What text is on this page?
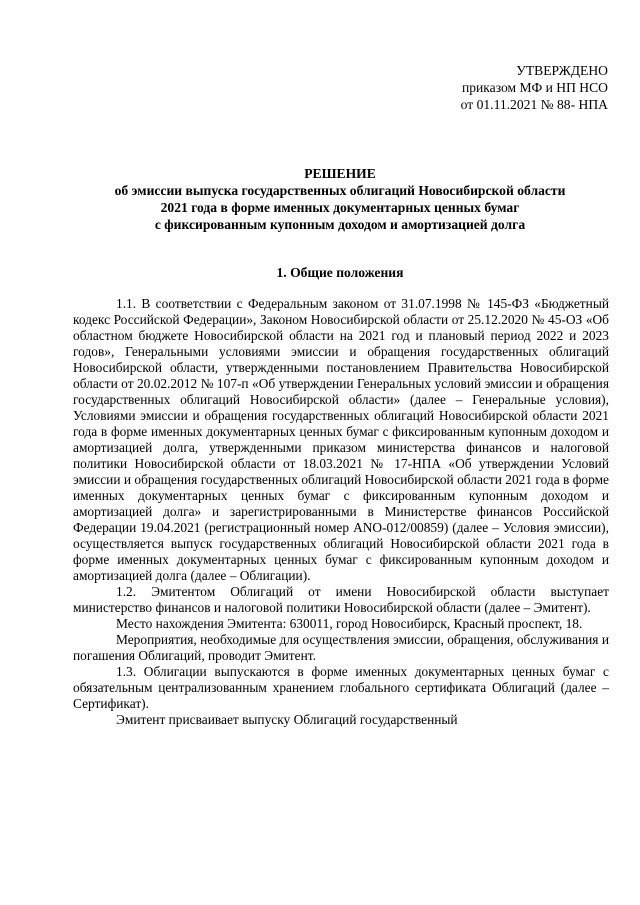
УТВЕРЖДЕНО
приказом МФ и НП НСО
от 01.11.2021 № 88- НПА
РЕШЕНИЕ
об эмиссии выпуска государственных облигаций Новосибирской области
2021 года в форме именных документарных ценных бумаг
с фиксированным купонным доходом и амортизацией долга
1. Общие положения

1.1. В соответствии с Федеральным законом от 31.07.1998 № 145-ФЗ «Бюджетный кодекс Российской Федерации», Законом Новосибирской области от 25.12.2020 № 45-ОЗ «Об областном бюджете Новосибирской области на 2021 год и плановый период 2022 и 2023 годов», Генеральными условиями эмиссии и обращения государственных облигаций Новосибирской области, утвержденными постановлением Правительства Новосибирской области от 20.02.2012 № 107-п «Об утверждении Генеральных условий эмиссии и обращения государственных облигаций Новосибирской области» (далее – Генеральные условия), Условиями эмиссии и обращения государственных облигаций Новосибирской области 2021 года в форме именных документарных ценных бумаг с фиксированным купонным доходом и амортизацией долга, утвержденными приказом министерства финансов и налоговой политики Новосибирской области от 18.03.2021 № 17-НПА «Об утверждении Условий эмиссии и обращения государственных облигаций Новосибирской области 2021 года в форме именных документарных ценных бумаг с фиксированным купонным доходом и амортизацией долга» и зарегистрированными в Министерстве финансов Российской Федерации 19.04.2021 (регистрационный номер ANO-012/00859) (далее – Условия эмиссии), осуществляется выпуск государственных облигаций Новосибирской области 2021 года в форме именных документарных ценных бумаг с фиксированным купонным доходом и амортизацией долга (далее – Облигации).

1.2. Эмитентом Облигаций от имени Новосибирской области выступает министерство финансов и налоговой политики Новосибирской области (далее – Эмитент).

Место нахождения Эмитента: 630011, город Новосибирск, Красный проспект, 18.

Мероприятия, необходимые для осуществления эмиссии, обращения, обслуживания и погашения Облигаций, проводит Эмитент.

1.3. Облигации выпускаются в форме именных документарных ценных бумаг с обязательным централизованным хранением глобального сертификата Облигаций (далее – Сертификат).

Эмитент присваивает выпуску Облигаций государственный
